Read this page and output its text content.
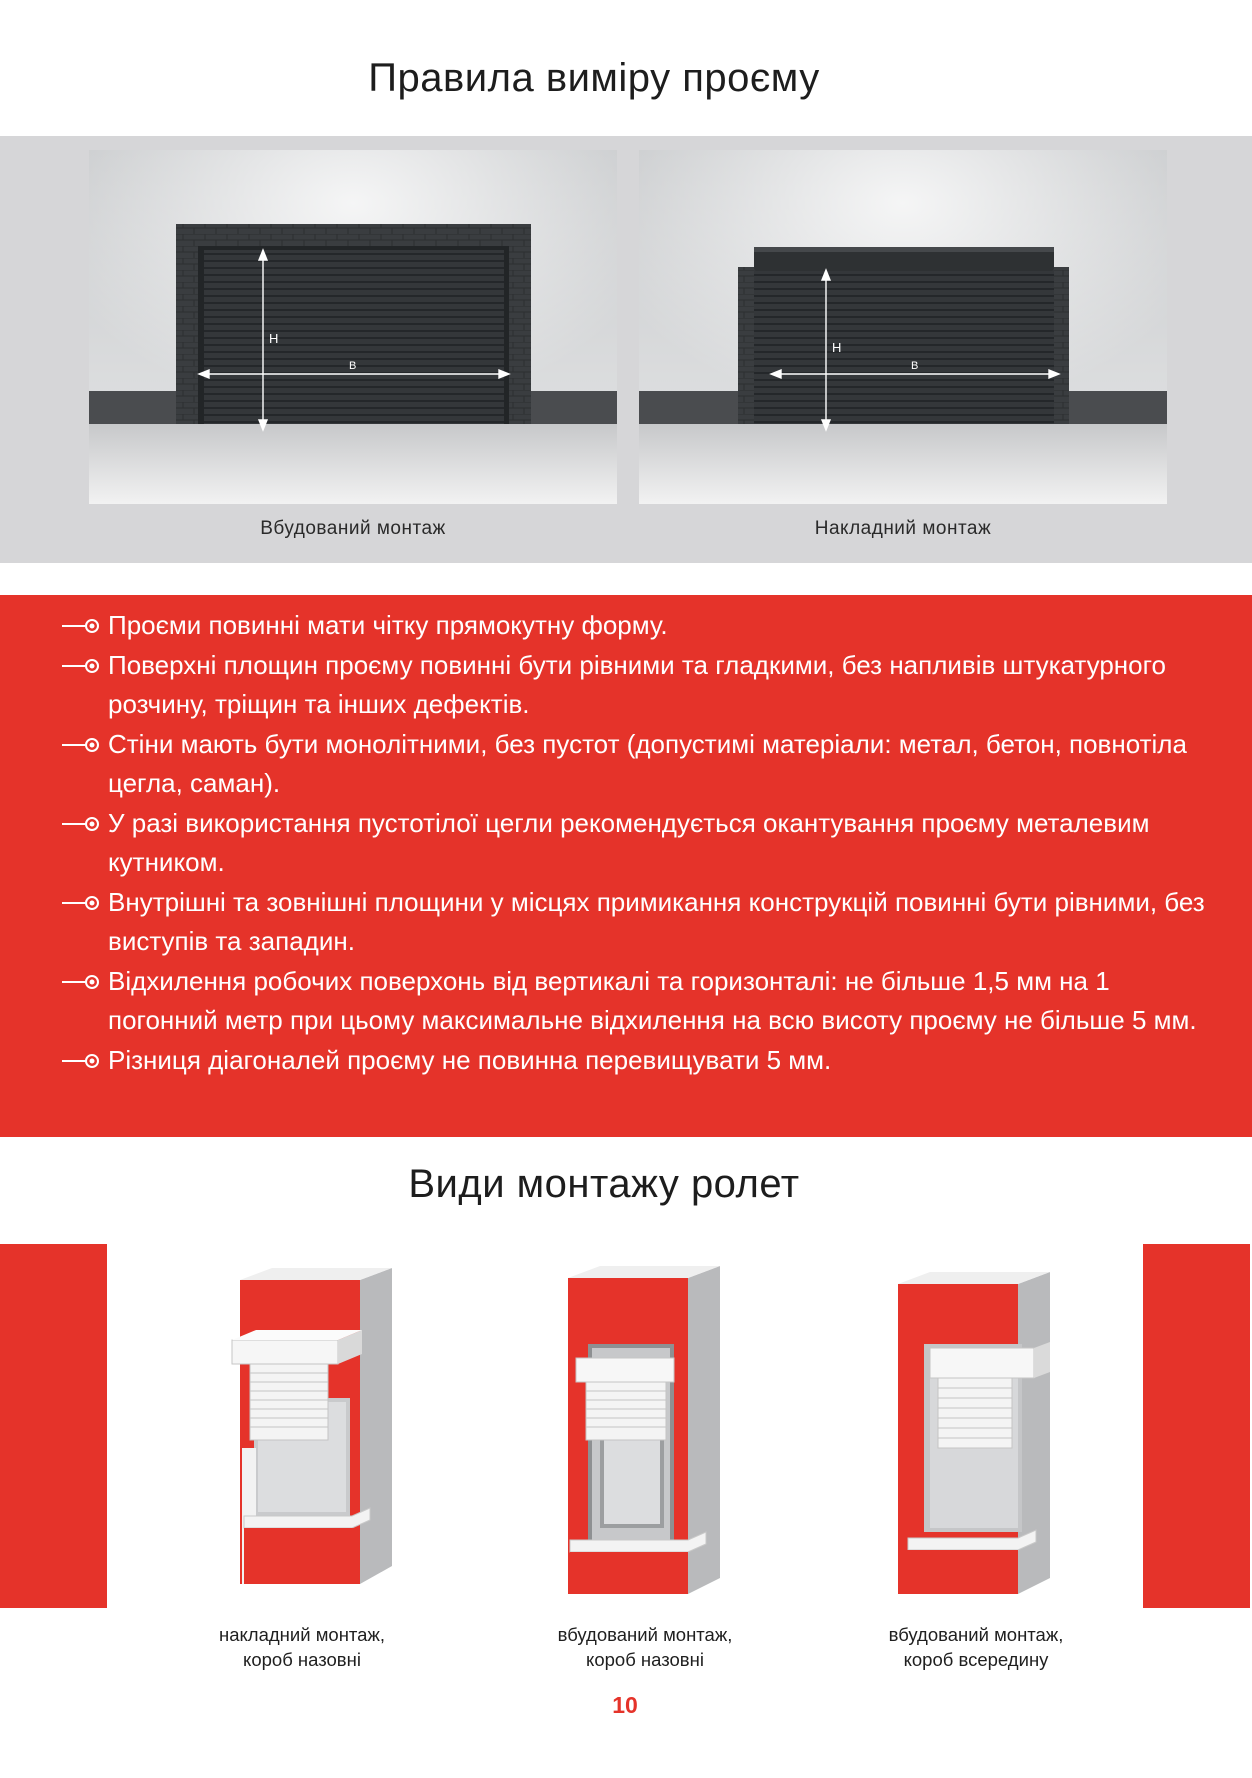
Правила виміру проєму
Н
В
Н
В
Вбудований монтаж	Накладний монтаж
Проєми повинні мати чітку прямокутну форму.
Поверхні площин проєму повинні бути рівними та гладкими, без напливів штукатурного розчину, тріщин та інших дефектів.
Стіни мають бути монолітними, без пустот (допустимі матеріали: метал, бетон, повнотіла цегла, саман).
У разі використання пустотілої цегли рекомендується окантування проєму металевим кутником.
Внутрішні та зовнішні площини у місцях примикання конструкцій повинні бути рівними, без виступів та западин.
Відхилення робочих поверхонь від вертикалі та горизонталі: не більше 1,5 мм на 1 погонний метр при цьому максимальне відхилення на всю висоту проєму не більше 5 мм.
Різниця діагоналей проєму не повинна перевищувати 5 мм.
Види монтажу ролет
накладний монтаж,
короб назовні
вбудований монтаж,
короб назовні
вбудований монтаж,
короб всередину
10
